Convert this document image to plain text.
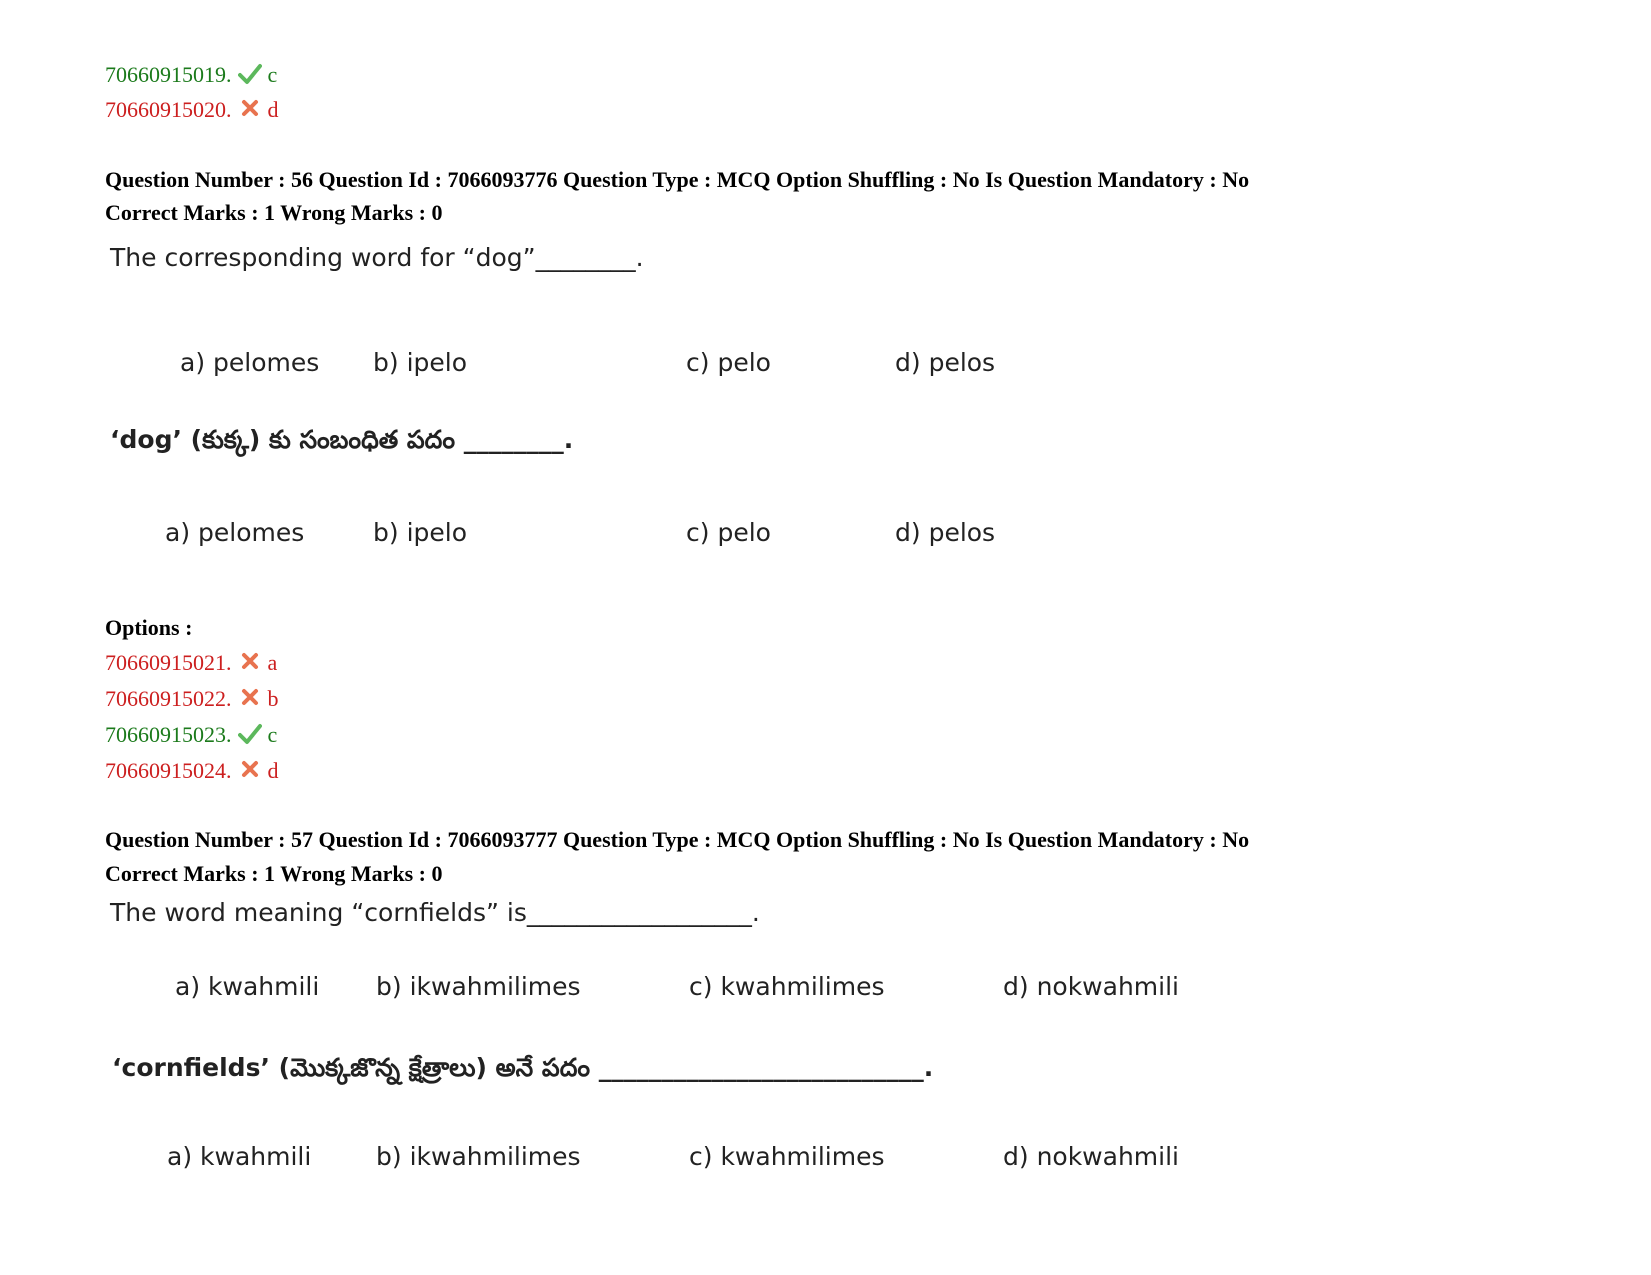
70660915019. c
70660915020. d
Question Number : 56 Question Id : 7066093776 Question Type : MCQ Option Shuffling : No Is Question Mandatory : No
Correct Marks : 1 Wrong Marks : 0
The corresponding word for “dog”________.
a) pelomes b) ipelo	c) pelo	d) pelos
‘dog’ (కుక్క) కు సంబంధిత పదం ________.
a) pelomes	b) ipelo	c) pelo	d) pelos
Options :
70660915021. a
70660915022. b
70660915023. c
70660915024. d
Question Number : 57 Question Id : 7066093777 Question Type : MCQ Option Shuffling : No Is Question Mandatory : No
Correct Marks : 1 Wrong Marks : 0
The word meaning “cornfields” is__________________.
a) kwahmili b) ikwahmilimes	c) kwahmilimes	d) nokwahmili
‘cornfields’ (మొక్కజొన్న క్షేత్రాలు) అనే పదం __________________________.
a) kwahmili	b) ikwahmilimes	c) kwahmilimes	d) nokwahmili
